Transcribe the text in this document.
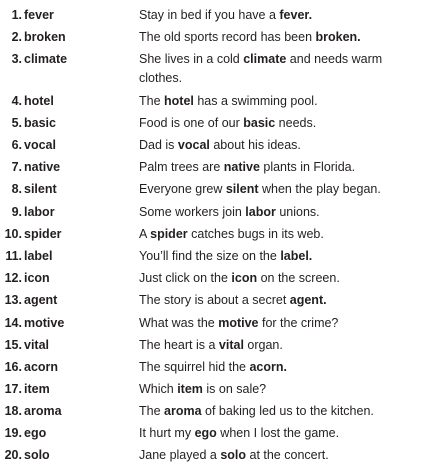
1. fever	Stay in bed if you have a fever.
2. broken	The old sports record has been broken.
3. climate	She lives in a cold climate and needs warm clothes.
4. hotel	The hotel has a swimming pool.
5. basic	Food is one of our basic needs.
6. vocal	Dad is vocal about his ideas.
7. native	Palm trees are native plants in Florida.
8. silent	Everyone grew silent when the play began.
9. labor	Some workers join labor unions.
10. spider	A spider catches bugs in its web.
11. label	You’ll find the size on the label.
12. icon	Just click on the icon on the screen.
13. agent	The story is about a secret agent.
14. motive	What was the motive for the crime?
15. vital	The heart is a vital organ.
16. acorn	The squirrel hid the acorn.
17. item	Which item is on sale?
18. aroma	The aroma of baking led us to the kitchen.
19. ego	It hurt my ego when I lost the game.
20. solo	Jane played a solo at the concert.
